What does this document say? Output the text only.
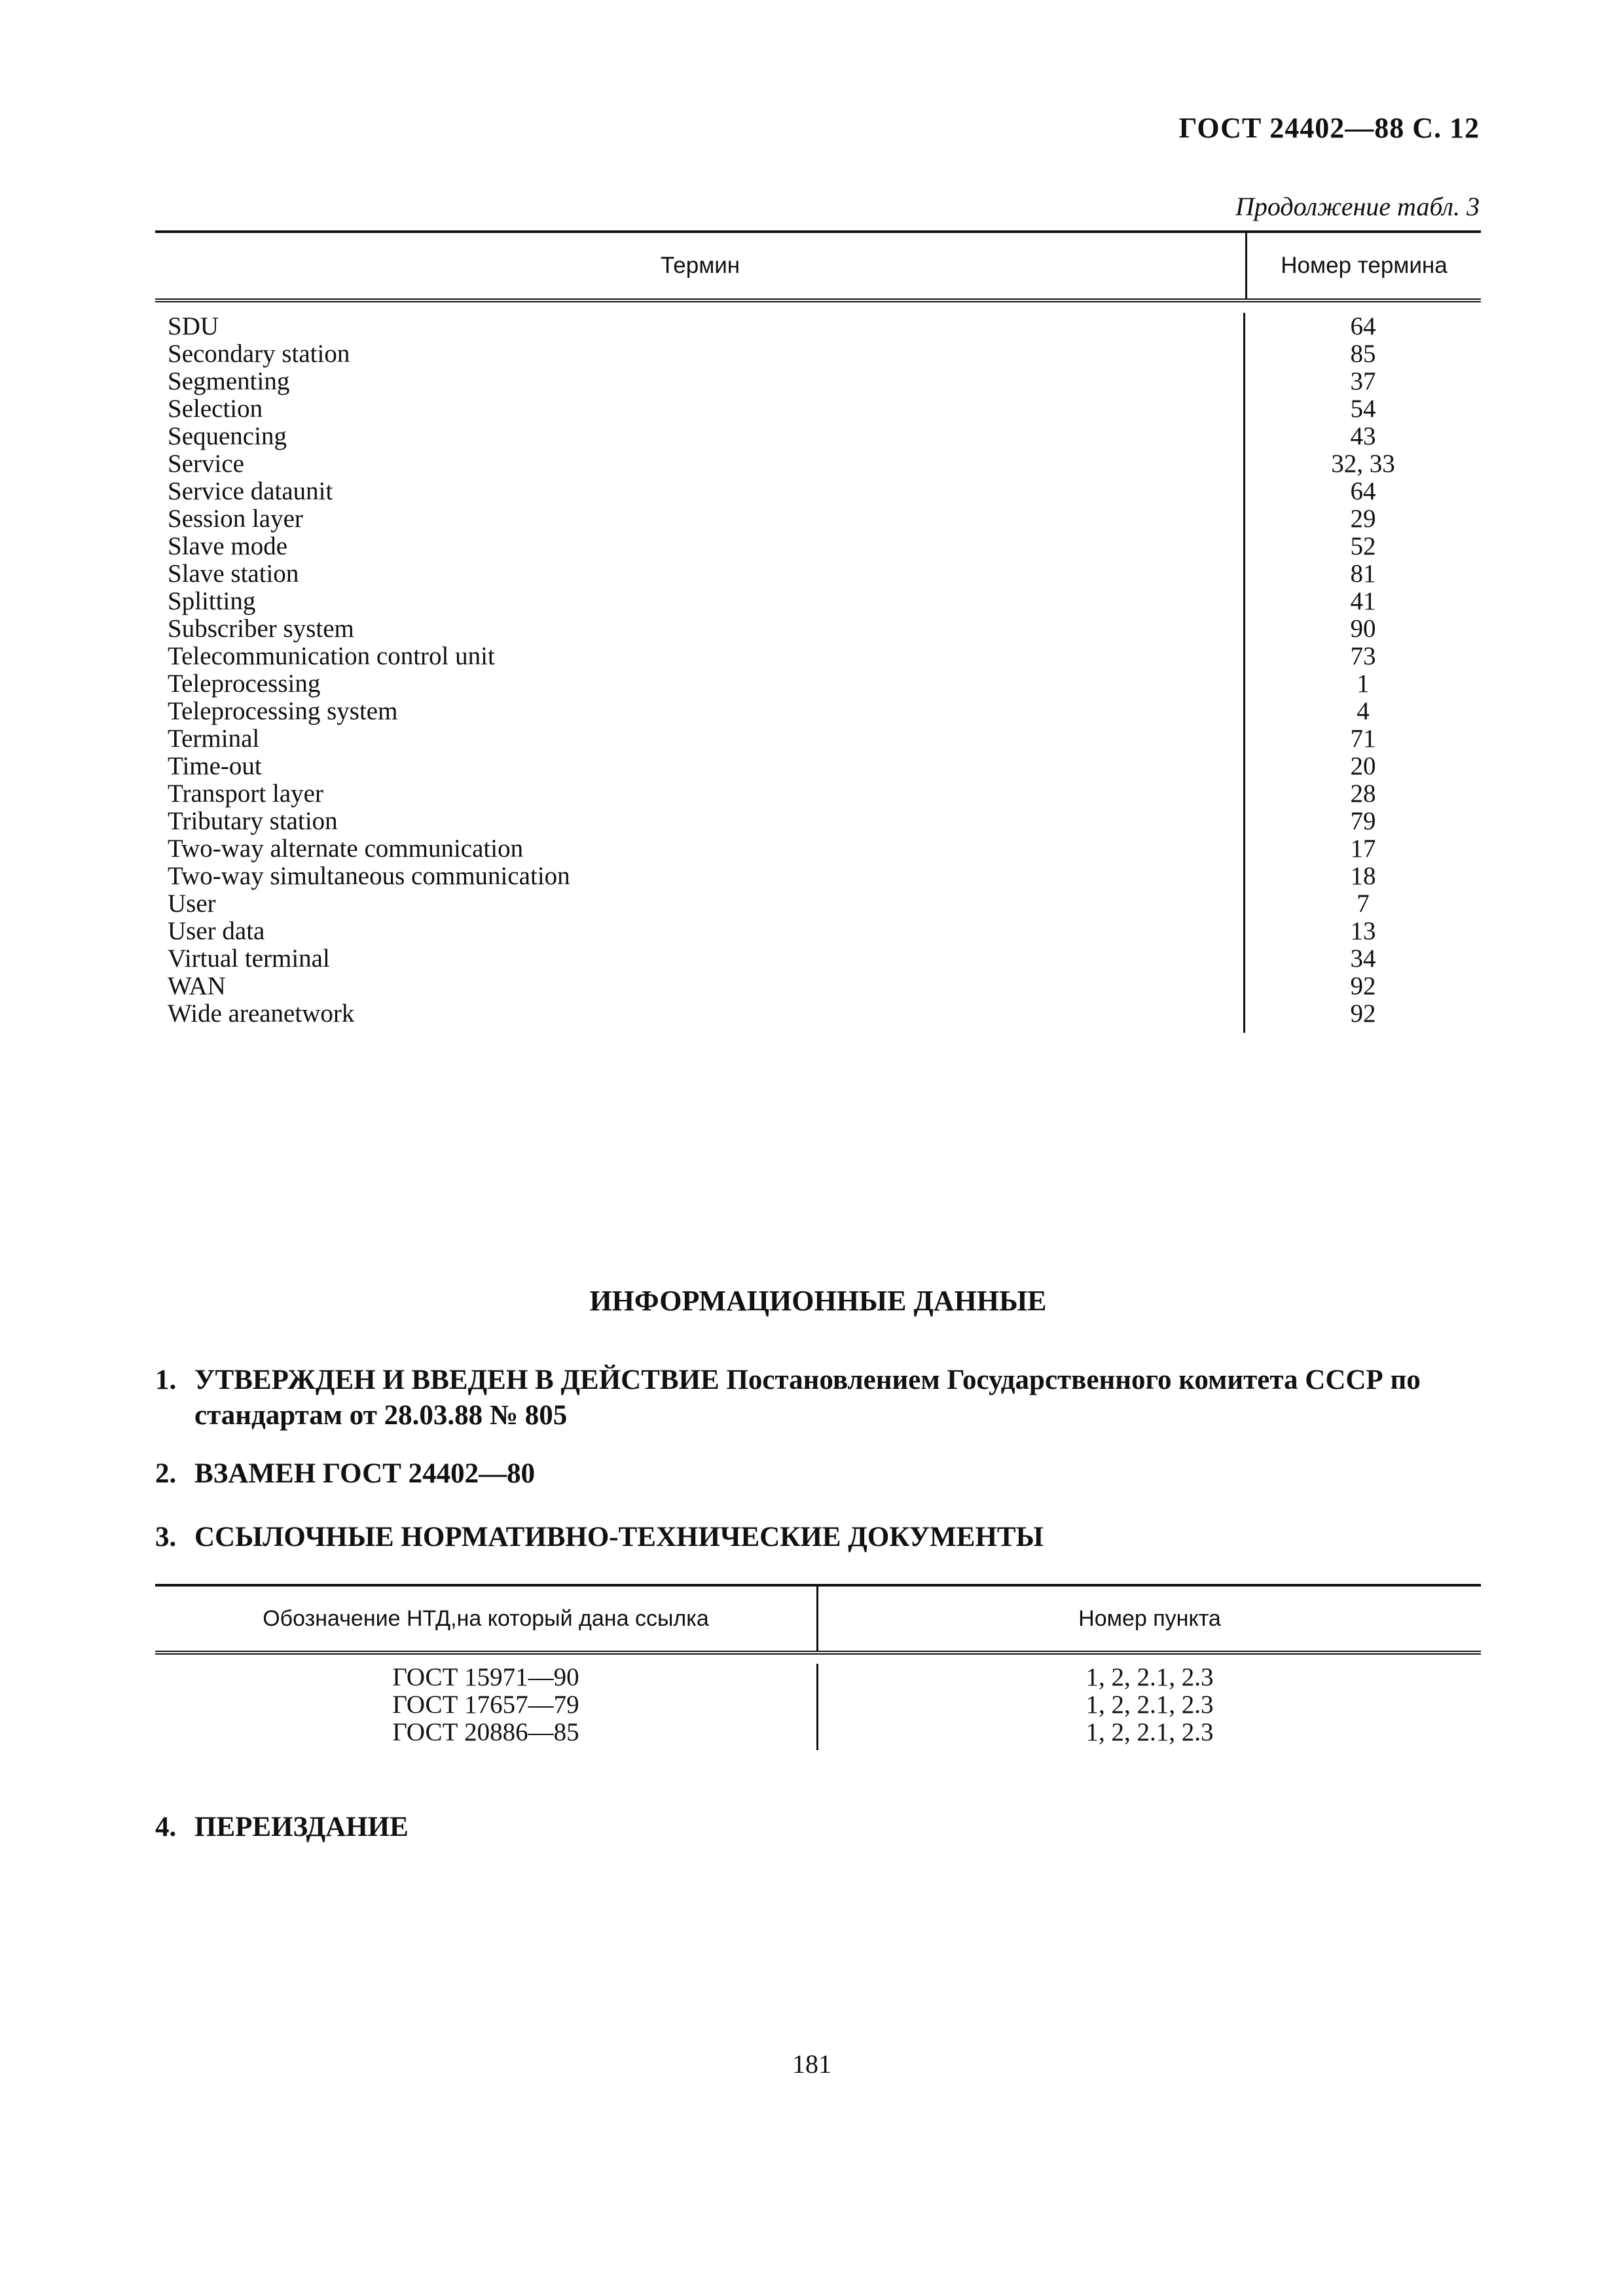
ГОСТ 24402—88 С. 12
Продолжение табл. 3
Термин	Номер термина
SDU
Secondary station
Segmenting
Selection
Sequencing
Service
Service dataunit
Session layer
Slave mode
Slave station
Splitting
Subscriber system
Telecommunication control unit
Teleprocessing
Teleprocessing system
Terminal
Time-out
Transport layer
Tributary station
Two-way alternate communication
Two-way simultaneous communication
User
User data
Virtual terminal
WAN
Wide areanetwork
64
85
37
54
43
32, 33
64
29
52
81
41
90
73
1
4
71
20
28
79
17
18
7
13
34
92
92
ИНФОРМАЦИОННЫЕ ДАННЫЕ
1. УТВЕРЖДЕН И ВВЕДЕН В ДЕЙСТВИЕ Постановлением Государственного комитета СССР по стандартам от 28.03.88 № 805
2. ВЗАМЕН ГОСТ 24402—80
3. ССЫЛОЧНЫЕ НОРМАТИВНО-ТЕХНИЧЕСКИЕ ДОКУМЕНТЫ
Обозначение НТД,на который дана ссылка	Номер пункта
ГОСТ 15971—90
ГОСТ 17657—79
ГОСТ 20886—85
1, 2, 2.1, 2.3
1, 2, 2.1, 2.3
1, 2, 2.1, 2.3
4. ПЕРЕИЗДАНИЕ
181
